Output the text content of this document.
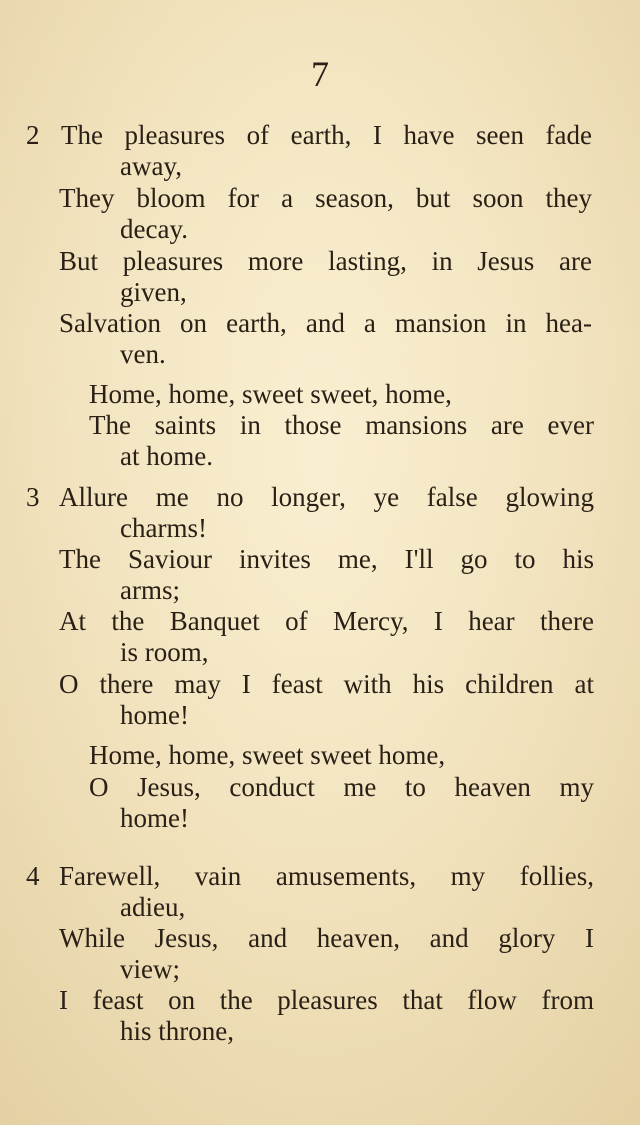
7
2 The pleasures of earth, I have seen fade
away,
They bloom for a season, but soon they
decay.
But pleasures more lasting, in Jesus are
given,
Salvation on earth, and a mansion in hea-
ven.
Home, home, sweet sweet, home,
The saints in those mansions are ever
at home.
3 Allure me no longer, ye false glowing
charms!
The Saviour invites me, I'll go to his
arms;
At the Banquet of Mercy, I hear there
is room,
O there may I feast with his children at
home!
Home, home, sweet sweet home,
O Jesus, conduct me to heaven my
home!
4 Farewell, vain amusements, my follies,
adieu,
While Jesus, and heaven, and glory I
view;
I feast on the pleasures that flow from
his throne,
